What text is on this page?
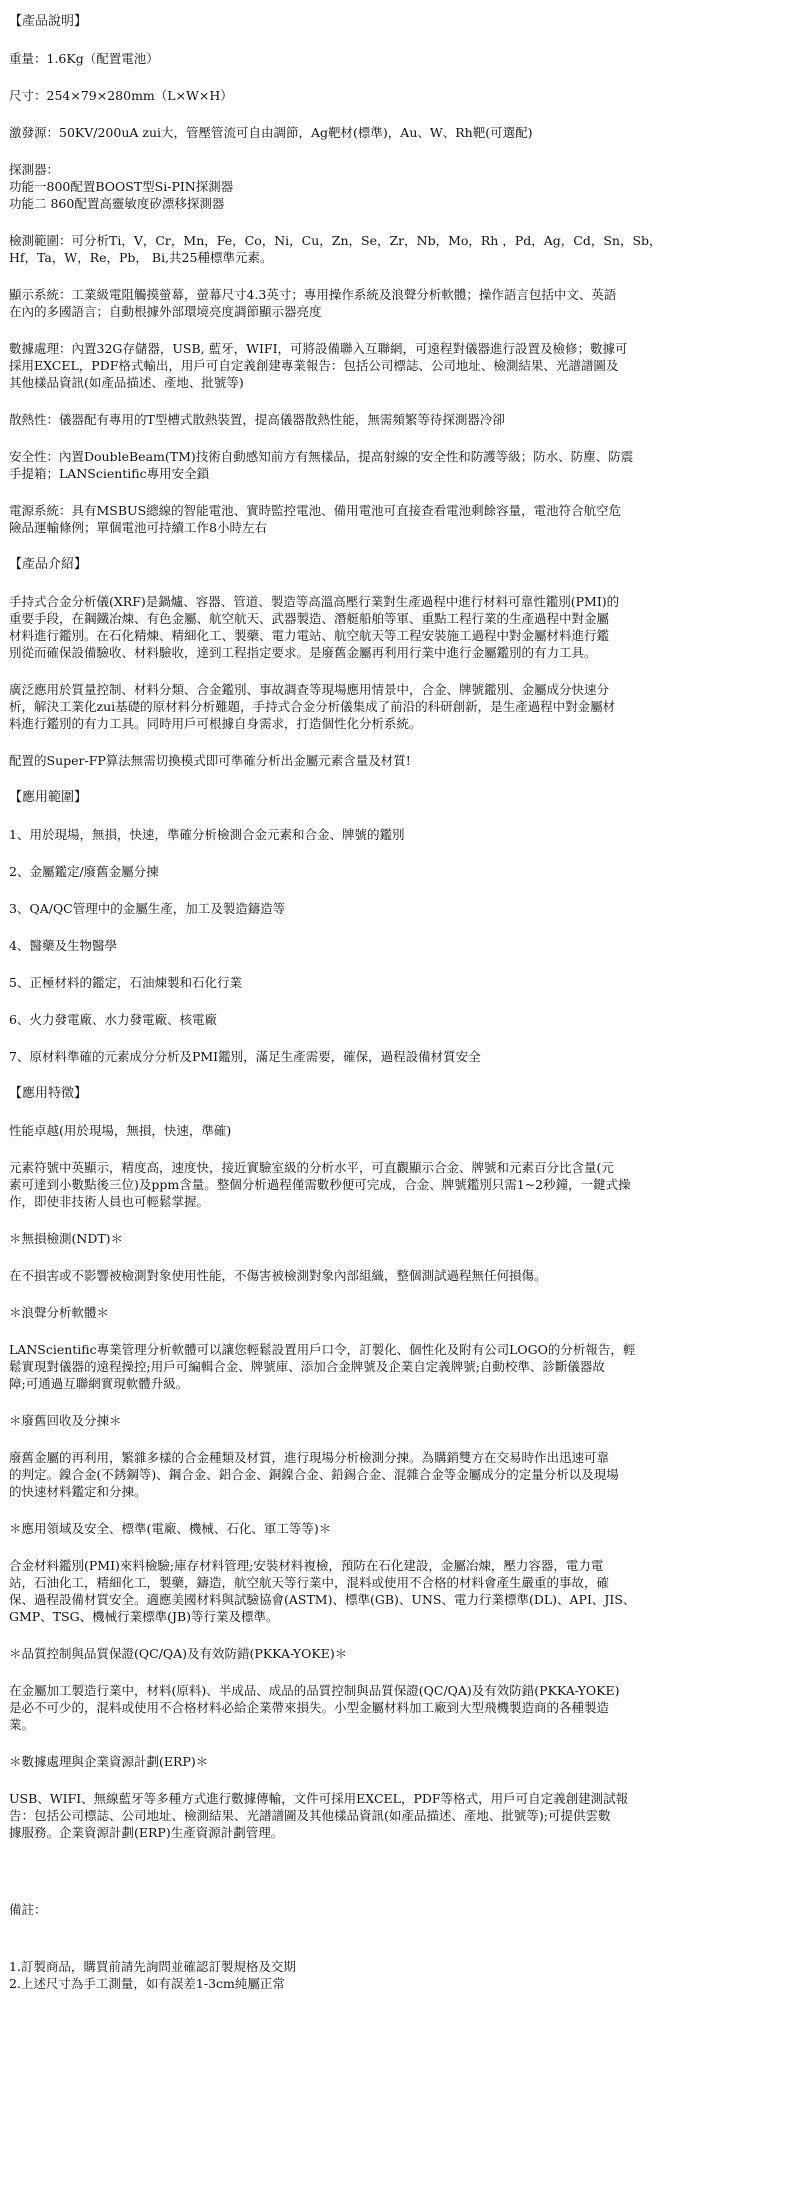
【產品說明】

重量：1.6Kg（配置電池）

尺寸：254×79×280mm（L×W×H）

激發源：50KV/200uA zui大，管壓管流可自由調節，Ag靶材(標準)，Au、W、Rh靶(可選配)

探測器：

功能一800配置BOOST型Si-PIN探測器

功能二 860配置高靈敏度矽漂移探測器

檢測範圍：可分析Ti，V，Cr，Mn，Fe，Co，Ni，Cu，Zn，Se，Zr，Nb，Mo，Rh ，Pd，Ag，Cd，Sn，Sb，

Hf，Ta，W，Re，Pb， Bi,共25種標準元素。

顯示系統：工業級電阻觸摸螢幕，螢幕尺寸4.3英寸；專用操作系統及浪聲分析軟體；操作語言包括中文、英語

在內的多國語言；自動根據外部環境亮度調節顯示器亮度

數據處理：內置32G存儲器，USB, 藍牙，WIFI，可將設備聯入互聯網，可遠程對儀器進行設置及檢修；數據可

採用EXCEL，PDF格式輸出，用戶可自定義創建專業報告：包括公司標誌、公司地址、檢測結果、光譜譜圖及

其他樣品資訊(如產品描述、產地、批號等)

散熱性：儀器配有專用的T型槽式散熱裝置，提高儀器散熱性能，無需頻繁等待探測器冷卻

安全性：內置DoubleBeam(TM)技術自動感知前方有無樣品，提高射線的安全性和防護等級；防水、防塵、防震

手提箱；LANScientific專用安全鎖

電源系統：具有MSBUS總線的智能電池、實時監控電池、備用電池可直接查看電池剩餘容量，電池符合航空危

險品運輸條例；單個電池可持續工作8小時左右

【產品介紹】

手持式合金分析儀(XRF)是鍋爐、容器、管道、製造等高溫高壓行業對生產過程中進行材料可靠性鑑別(PMI)的

重要手段，在鋼鐵冶煉、有色金屬、航空航天、武器製造、潛艇船舶等軍、重點工程行業的生產過程中對金屬

材料進行鑑別。在石化精煉、精細化工、製藥、電力電站、航空航天等工程安裝施工過程中對金屬材料進行鑑

別從而確保設備驗收、材料驗收，達到工程指定要求。是廢舊金屬再利用行業中進行金屬鑑別的有力工具。

廣泛應用於質量控制、材料分類、合金鑑別、事故調查等現場應用情景中，合金、牌號鑑別、金屬成分快速分

析，解決工業化zui基礎的原材料分析難題，手持式合金分析儀集成了前沿的科研創新，是生產過程中對金屬材

料進行鑑別的有力工具。同時用戶可根據自身需求，打造個性化分析系統。

配置的Super-FP算法無需切換模式即可準確分析出金屬元素含量及材質!

【應用範圍】

1、用於現場，無損，快速，準確分析檢測合金元素和合金、牌號的鑑別

2、金屬鑑定/廢舊金屬分揀

3、QA/QC管理中的金屬生產，加工及製造鑄造等

4、醫藥及生物醫學

5、正極材料的鑑定，石油煉製和石化行業

6、火力發電廠、水力發電廠、核電廠

7、原材料準確的元素成分分析及PMI鑑別，滿足生產需要，確保，過程設備材質安全

【應用特徵】

性能卓越(用於現場，無損，快速，準確)

元素符號中英顯示，精度高，速度快，接近實驗室級的分析水平，可直觀顯示合金、牌號和元素百分比含量(元

素可達到小數點後三位)及ppm含量。整個分析過程僅需數秒便可完成，合金、牌號鑑別只需1~2秒鐘，一鍵式操

作，即使非技術人員也可輕鬆掌握。

＊無損檢測(NDT)＊

在不損害或不影響被檢測對象使用性能，不傷害被檢測對象內部組織，整個測試過程無任何損傷。

＊浪聲分析軟體＊

LANScientific專業管理分析軟體可以讓您輕鬆設置用戶口令，訂製化、個性化及附有公司LOGO的分析報告，輕

鬆實現對儀器的遠程操控;用戶可編輯合金、牌號庫、添加合金牌號及企業自定義牌號;自動校準、診斷儀器故

障;可通過互聯網實現軟體升級。

＊廢舊回收及分揀＊

廢舊金屬的再利用，繁雜多樣的合金種類及材質，進行現場分析檢測分揀。為購銷雙方在交易時作出迅速可靠

的判定。鎳合金(不銹鋼等)、鋼合金、鋁合金、銅鎳合金、鉛錫合金、混雜合金等金屬成分的定量分析以及現場

的快速材料鑑定和分揀。

＊應用領域及安全、標準(電廠、機械、石化、軍工等等)＊

合金材料鑑別(PMI)來料檢驗;庫存材料管理;安裝材料複檢，預防在石化建設，金屬冶煉，壓力容器，電力電

站，石油化工，精細化工，製藥，鑄造，航空航天等行業中，混料或使用不合格的材料會產生嚴重的事故，確

保、過程設備材質安全。適應美國材料與試驗協會(ASTM)、標準(GB)、UNS、電力行業標準(DL)、API、JIS、

GMP、TSG、機械行業標準(JB)等行業及標準。

＊品質控制與品質保證(QC/QA)及有效防錯(PKKA-YOKE)＊

在金屬加工製造行業中，材料(原料)、半成品、成品的品質控制與品質保證(QC/QA)及有效防錯(PKKA-YOKE)

是必不可少的，混料或使用不合格材料必給企業帶來損失。小型金屬材料加工廠到大型飛機製造商的各種製造

業。

＊數據處理與企業資源計劃(ERP)＊

USB、WIFI、無線藍牙等多種方式進行數據傳輸，文件可採用EXCEL，PDF等格式，用戶可自定義創建測試報

告：包括公司標誌、公司地址、檢測結果、光譜譜圖及其他樣品資訊(如產品描述、產地、批號等);可提供雲數

據服務。企業資源計劃(ERP)生產資源計劃管理。

備註：

1.訂製商品，購買前請先詢問並確認訂製規格及交期

2.上述尺寸為手工測量，如有誤差1-3cm純屬正常
